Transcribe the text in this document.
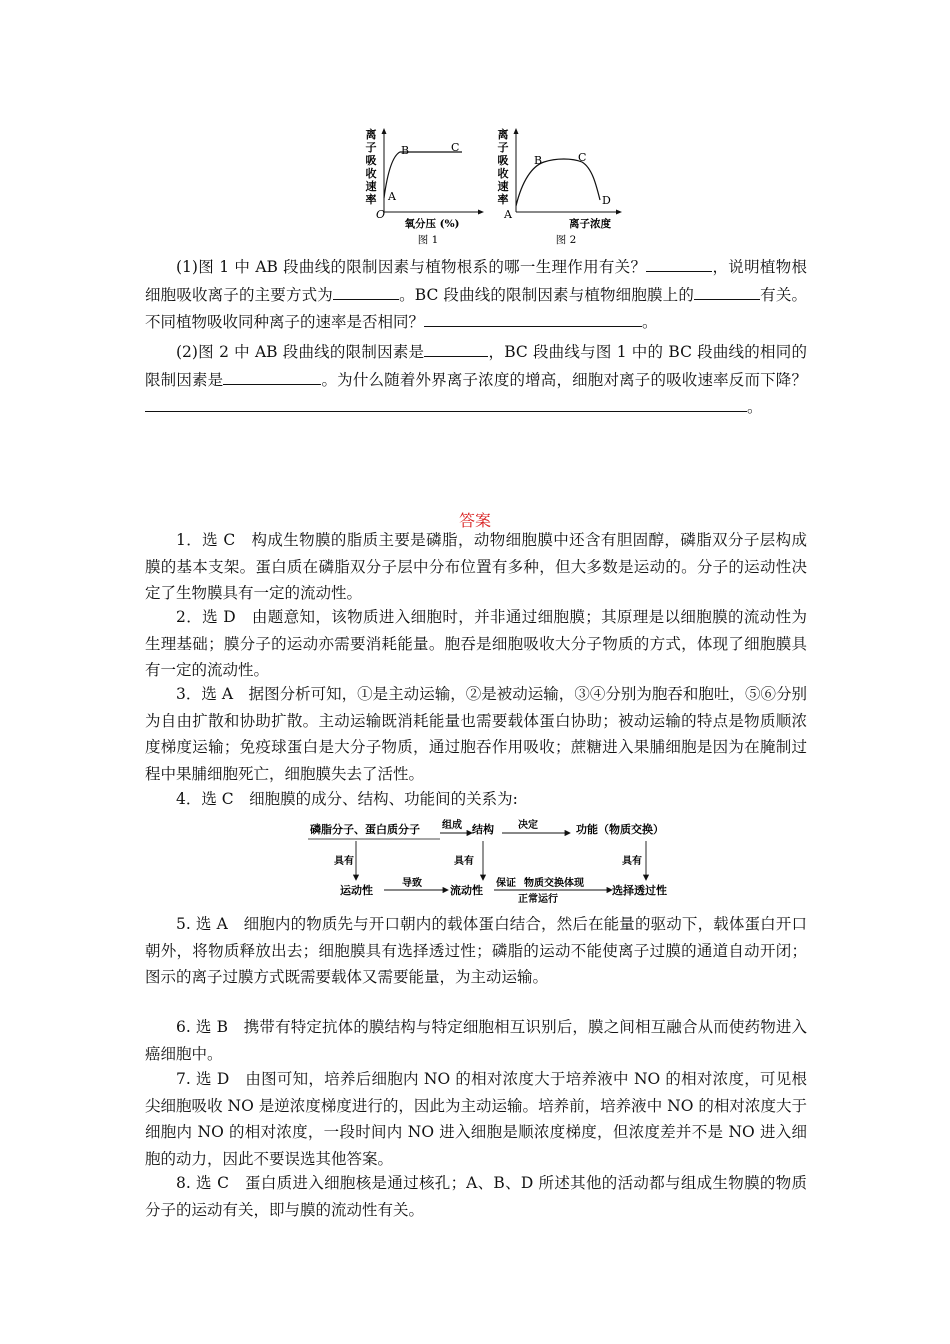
离
子
吸
收
速
率
O
A
B	C
氧分压 (%)
图 1
离
子
吸
收
速
率
A
B	C
D
离子浓度
图 2
(1)图 1 中 AB 段曲线的限制因素与植物根系的哪一生理作用有关？	，说明植物根细胞吸收离子的主要方式为	。BC 段曲线的限制因素与植物细胞膜上的	有关。不同植物吸收同种离子的速率是否相同？	。
(2)图 2 中 AB 段曲线的限制因素是	，BC 段曲线与图 1 中的 BC 段曲线的相同的限制因素是	。为什么随着外界离子浓度的增高，细胞对离子的吸收速率反而下降？。
答案
1．选 C　构成生物膜的脂质主要是磷脂，动物细胞膜中还含有胆固醇，磷脂双分子层构成膜的基本支架。蛋白质在磷脂双分子层中分布位置有多种，但大多数是运动的。分子的运动性决定了生物膜具有一定的流动性。
2．选 D　由题意知，该物质进入细胞时，并非通过细胞膜；其原理是以细胞膜的流动性为生理基础；膜分子的运动亦需要消耗能量。胞吞是细胞吸收大分子物质的方式，体现了细胞膜具有一定的流动性。
3．选 A　据图分析可知，①是主动运输，②是被动运输，③④分别为胞吞和胞吐，⑤⑥分别为自由扩散和协助扩散。主动运输既消耗能量也需要载体蛋白协助；被动运输的特点是物质顺浓度梯度运输；免疫球蛋白是大分子物质，通过胞吞作用吸收；蔗糖进入果脯细胞是因为在腌制过程中果脯细胞死亡，细胞膜失去了活性。
4．选 C　细胞膜的成分、结构、功能间的关系为:
磷脂分子、蛋白质分子 组成 结构 决定	功能（物质交换）
具有	具有	具有
运动性
导致
流动性
保证 物质交换体现
正常运行
选择透过性
5. 选 A　细胞内的物质先与开口朝内的载体蛋白结合，然后在能量的驱动下，载体蛋白开口朝外，将物质释放出去；细胞膜具有选择透过性；磷脂的运动不能使离子过膜的通道自动开闭；图示的离子过膜方式既需要载体又需要能量，为主动运输。
6. 选 B　携带有特定抗体的膜结构与特定细胞相互识别后，膜之间相互融合从而使药物进入癌细胞中。
7. 选 D　由图可知，培养后细胞内 NO 的相对浓度大于培养液中 NO 的相对浓度，可见根尖细胞吸收 NO 是逆浓度梯度进行的，因此为主动运输。培养前，培养液中 NO 的相对浓度大于细胞内 NO 的相对浓度，一段时间内 NO 进入细胞是顺浓度梯度，但浓度差并不是 NO 进入细胞的动力，因此不要误选其他答案。
8. 选 C　蛋白质进入细胞核是通过核孔；A、B、D 所述其他的活动都与组成生物膜的物质分子的运动有关，即与膜的流动性有关。
